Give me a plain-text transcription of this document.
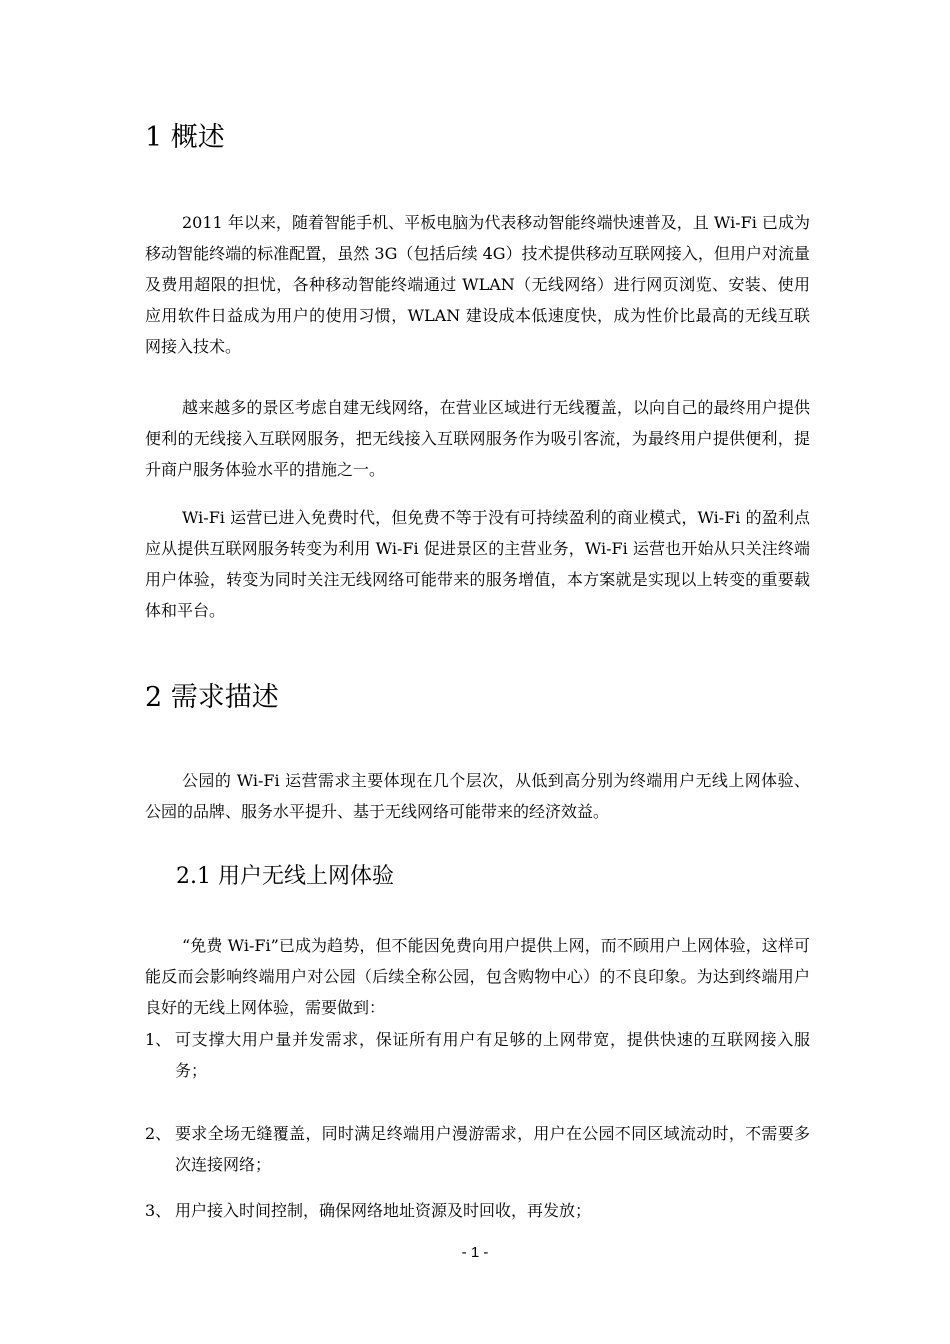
1 概述

2011 年以来，随着智能手机、平板电脑为代表移动智能终端快速普及，且 Wi-Fi 已成为移动智能终端的标准配置，虽然 3G（包括后续 4G）技术提供移动互联网接入，但用户对流量及费用超限的担忧，各种移动智能终端通过 WLAN（无线网络）进行网页浏览、安装、使用应用软件日益成为用户的使用习惯，WLAN 建设成本低速度快，成为性价比最高的无线互联网接入技术。

越来越多的景区考虑自建无线网络，在营业区域进行无线覆盖，以向自己的最终用户提供便利的无线接入互联网服务，把无线接入互联网服务作为吸引客流，为最终用户提供便利，提升商户服务体验水平的措施之一。

Wi-Fi 运营已进入免费时代，但免费不等于没有可持续盈利的商业模式，Wi-Fi 的盈利点应从提供互联网服务转变为利用 Wi-Fi 促进景区的主营业务，Wi-Fi 运营也开始从只关注终端用户体验，转变为同时关注无线网络可能带来的服务增值，本方案就是实现以上转变的重要载体和平台。

2 需求描述

公园的 Wi-Fi 运营需求主要体现在几个层次，从低到高分别为终端用户无线上网体验、公园的品牌、服务水平提升、基于无线网络可能带来的经济效益。

2.1 用户无线上网体验

“免费 Wi-Fi”已成为趋势，但不能因免费向用户提供上网，而不顾用户上网体验，这样可能反而会影响终端用户对公园（后续全称公园，包含购物中心）的不良印象。为达到终端用户良好的无线上网体验，需要做到：

1、 可支撑大用户量并发需求，保证所有用户有足够的上网带宽，提供快速的互联网接入服务；
2、 要求全场无缝覆盖，同时满足终端用户漫游需求，用户在公园不同区域流动时，不需要多次连接网络；
3、 用户接入时间控制，确保网络地址资源及时回收，再发放；
- 1 -
